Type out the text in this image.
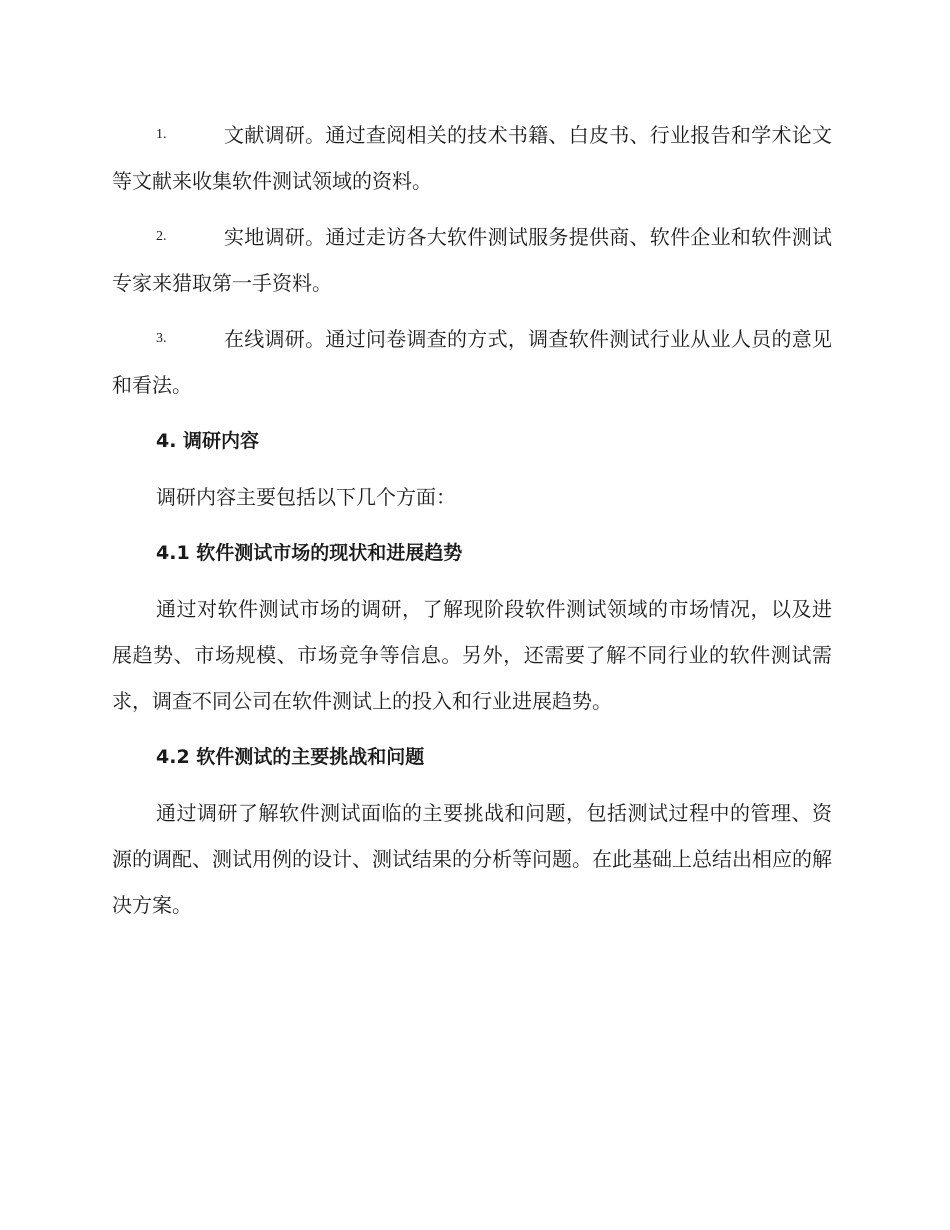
1.	文献调研。通过查阅相关的技术书籍、白皮书、行业报告和学术论文等文献来收集软件测试领域的资料。
2.	实地调研。通过走访各大软件测试服务提供商、软件企业和软件测试专家来猎取第一手资料。
3.	在线调研。通过问卷调查的方式，调查软件测试行业从业人员的意见和看法。
4. 调研内容
调研内容主要包括以下几个方面：
4.1 软件测试市场的现状和进展趋势
通过对软件测试市场的调研，了解现阶段软件测试领域的市场情况，以及进展趋势、市场规模、市场竞争等信息。另外，还需要了解不同行业的软件测试需求，调查不同公司在软件测试上的投入和行业进展趋势。
4.2 软件测试的主要挑战和问题
通过调研了解软件测试面临的主要挑战和问题，包括测试过程中的管理、资源的调配、测试用例的设计、测试结果的分析等问题。在此基础上总结出相应的解决方案。
